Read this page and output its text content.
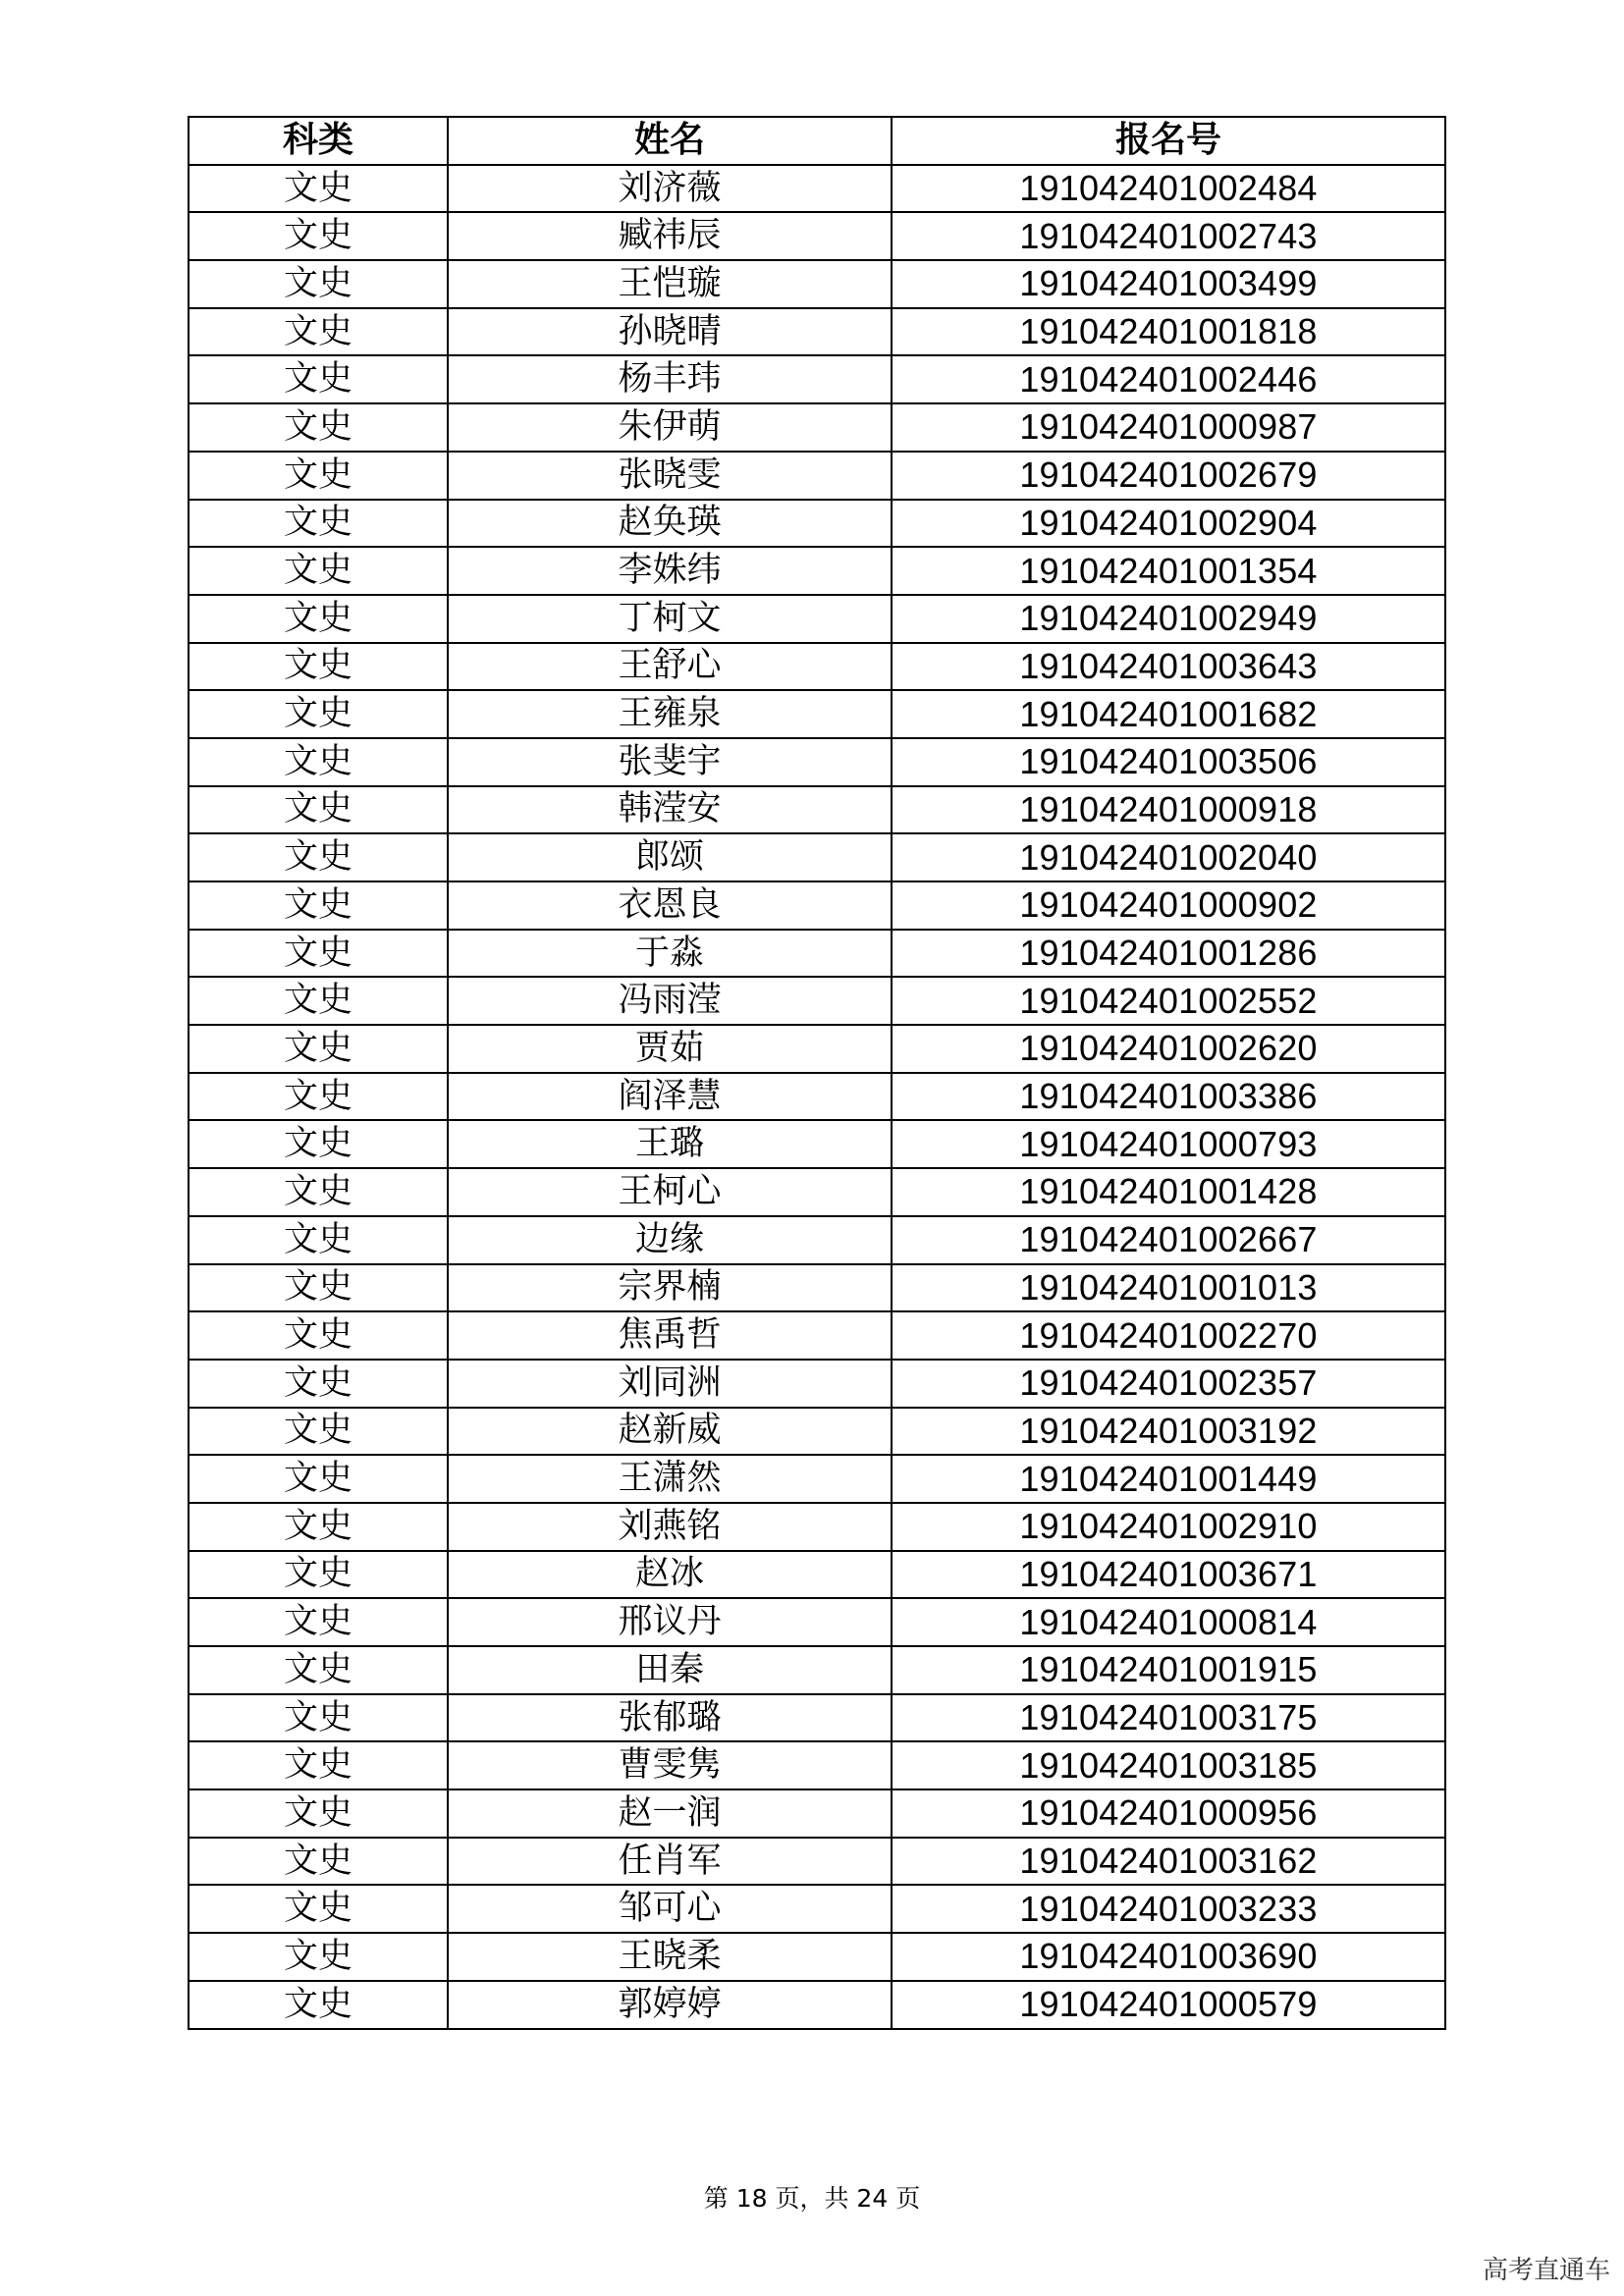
科类	姓名	报名号
文史	刘济薇	191042401002484
文史	臧祎辰	191042401002743
文史	王恺璇	191042401003499
文史	孙晓晴	191042401001818
文史	杨丰玮	191042401002446
文史	朱伊萌	191042401000987
文史	张晓雯	191042401002679
文史	赵奂瑛	191042401002904
文史	李姝纬	191042401001354
文史	丁柯文	191042401002949
文史	王舒心	191042401003643
文史	王雍泉	191042401001682
文史	张斐宇	191042401003506
文史	韩滢安	191042401000918
文史	郎颂	191042401002040
文史	衣恩良	191042401000902
文史	于淼	191042401001286
文史	冯雨滢	191042401002552
文史	贾茹	191042401002620
文史	阎泽慧	191042401003386
文史	王璐	191042401000793
文史	王柯心	191042401001428
文史	边缘	191042401002667
文史	宗界楠	191042401001013
文史	焦禹哲	191042401002270
文史	刘同洲	191042401002357
文史	赵新威	191042401003192
文史	王潇然	191042401001449
文史	刘燕铭	191042401002910
文史	赵冰	191042401003671
文史	邢议丹	191042401000814
文史	田秦	191042401001915
文史	张郁璐	191042401003175
文史	曹雯隽	191042401003185
文史	赵一润	191042401000956
文史	任肖军	191042401003162
文史	邹可心	191042401003233
文史	王晓柔	191042401003690
文史	郭婷婷	191042401000579
第 18 页，共 24 页
高考直通车
